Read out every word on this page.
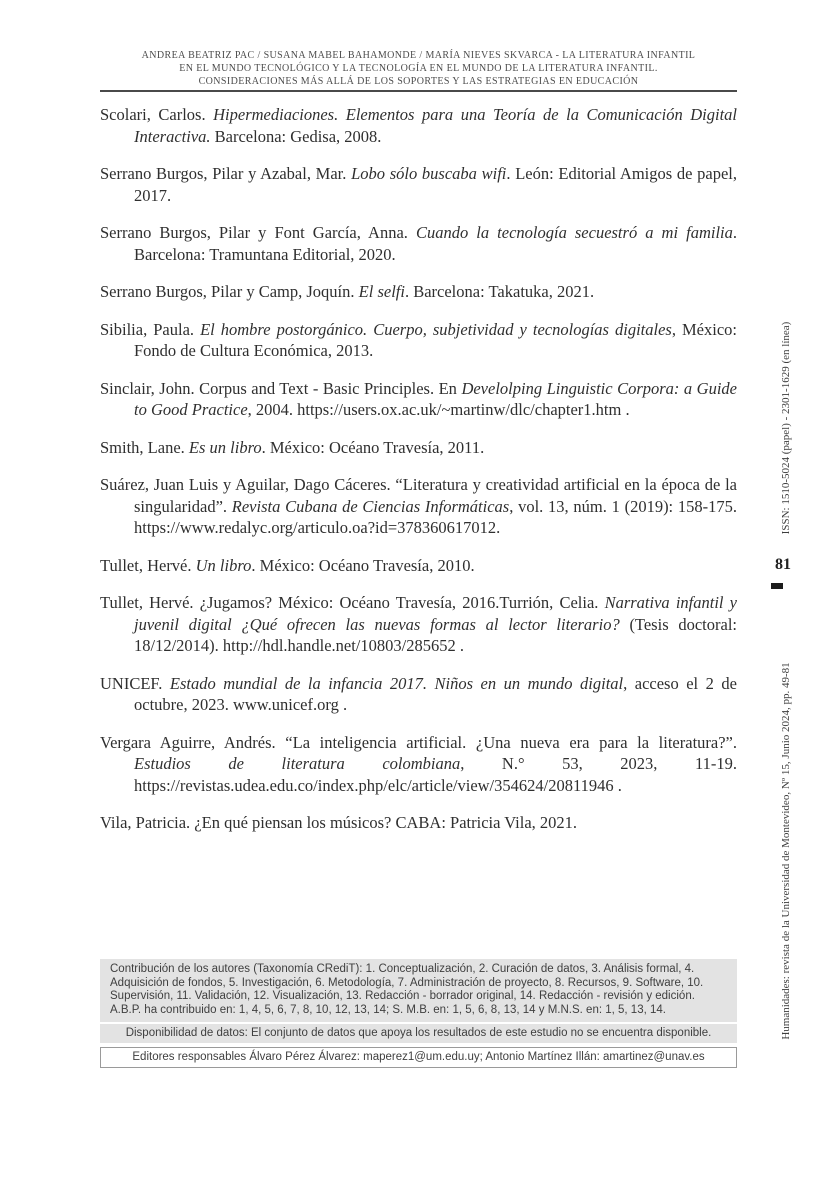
ANDREA BEATRIZ PAC / SUSANA MABEL BAHAMONDE / MARÍA NIEVES SKVARCA - LA LITERATURA INFANTIL
EN EL MUNDO TECNOLÓGICO Y LA TECNOLOGÍA EN EL MUNDO DE LA LITERATURA INFANTIL.
CONSIDERACIONES MÁS ALLÁ DE LOS SOPORTES Y LAS ESTRATEGIAS EN EDUCACIÓN

Scolari, Carlos. Hipermediaciones. Elementos para una Teoría de la Comunicación Digital Interactiva. Barcelona: Gedisa, 2008.

Serrano Burgos, Pilar y Azabal, Mar. Lobo sólo buscaba wifi. León: Editorial Amigos de papel, 2017.

Serrano Burgos, Pilar y Font García, Anna. Cuando la tecnología secuestró a mi familia. Barcelona: Tramuntana Editorial, 2020.

Serrano Burgos, Pilar y Camp, Joquín. El selfi. Barcelona: Takatuka, 2021.

Sibilia, Paula. El hombre postorgánico. Cuerpo, subjetividad y tecnologías digitales, México: Fondo de Cultura Económica, 2013.

Sinclair, John. Corpus and Text - Basic Principles. En Develolping Linguistic Corpora: a Guide to Good Practice, 2004. https://users.ox.ac.uk/~martinw/dlc/chapter1.htm .

Smith, Lane. Es un libro. México: Océano Travesía, 2011.

Suárez, Juan Luis y Aguilar, Dago Cáceres. “Literatura y creatividad artificial en la época de la singularidad”. Revista Cubana de Ciencias Informáticas, vol. 13, núm. 1 (2019): 158-175. https://www.redalyc.org/articulo.oa?id=378360617012.

Tullet, Hervé. Un libro. México: Océano Travesía, 2010.

Tullet, Hervé. ¿Jugamos? México: Océano Travesía, 2016.Turrión, Celia. Narrativa infantil y juvenil digital ¿Qué ofrecen las nuevas formas al lector literario? (Tesis doctoral: 18/12/2014). http://hdl.handle.net/10803/285652 .

UNICEF. Estado mundial de la infancia 2017. Niños en un mundo digital, acceso el 2 de octubre, 2023. www.unicef.org .

Vergara Aguirre, Andrés. “La inteligencia artificial. ¿Una nueva era para la literatura?”. Estudios de literatura colombiana, N.° 53, 2023, 11-19. https://revistas.udea.edu.co/index.php/elc/article/view/354624/20811946 .

Vila, Patricia. ¿En qué piensan los músicos? CABA: Patricia Vila, 2021.

ISSN: 1510-5024 (papel) - 2301-1629 (en línea)
81
Humanidades: revista de la Universidad de Montevideo, Nº 15, Junio 2024, pp. 49-81

Contribución de los autores (Taxonomía CRediT): 1. Conceptualización, 2. Curación de datos, 3. Análisis formal, 4. Adquisición de fondos, 5. Investigación, 6. Metodología, 7. Administración de proyecto, 8. Recursos, 9. Software, 10. Supervisión, 11. Validación, 12. Visualización, 13. Redacción - borrador original, 14. Redacción - revisión y edición.

A.B.P. ha contribuido en: 1, 4, 5, 6, 7, 8, 10, 12, 13, 14; S. M.B. en: 1, 5, 6, 8, 13, 14 y M.N.S. en: 1, 5, 13, 14.

Disponibilidad de datos: El conjunto de datos que apoya los resultados de este estudio no se encuentra disponible.
Editores responsables Álvaro Pérez Álvarez: maperez1@um.edu.uy; Antonio Martínez Illán: amartinez@unav.es
